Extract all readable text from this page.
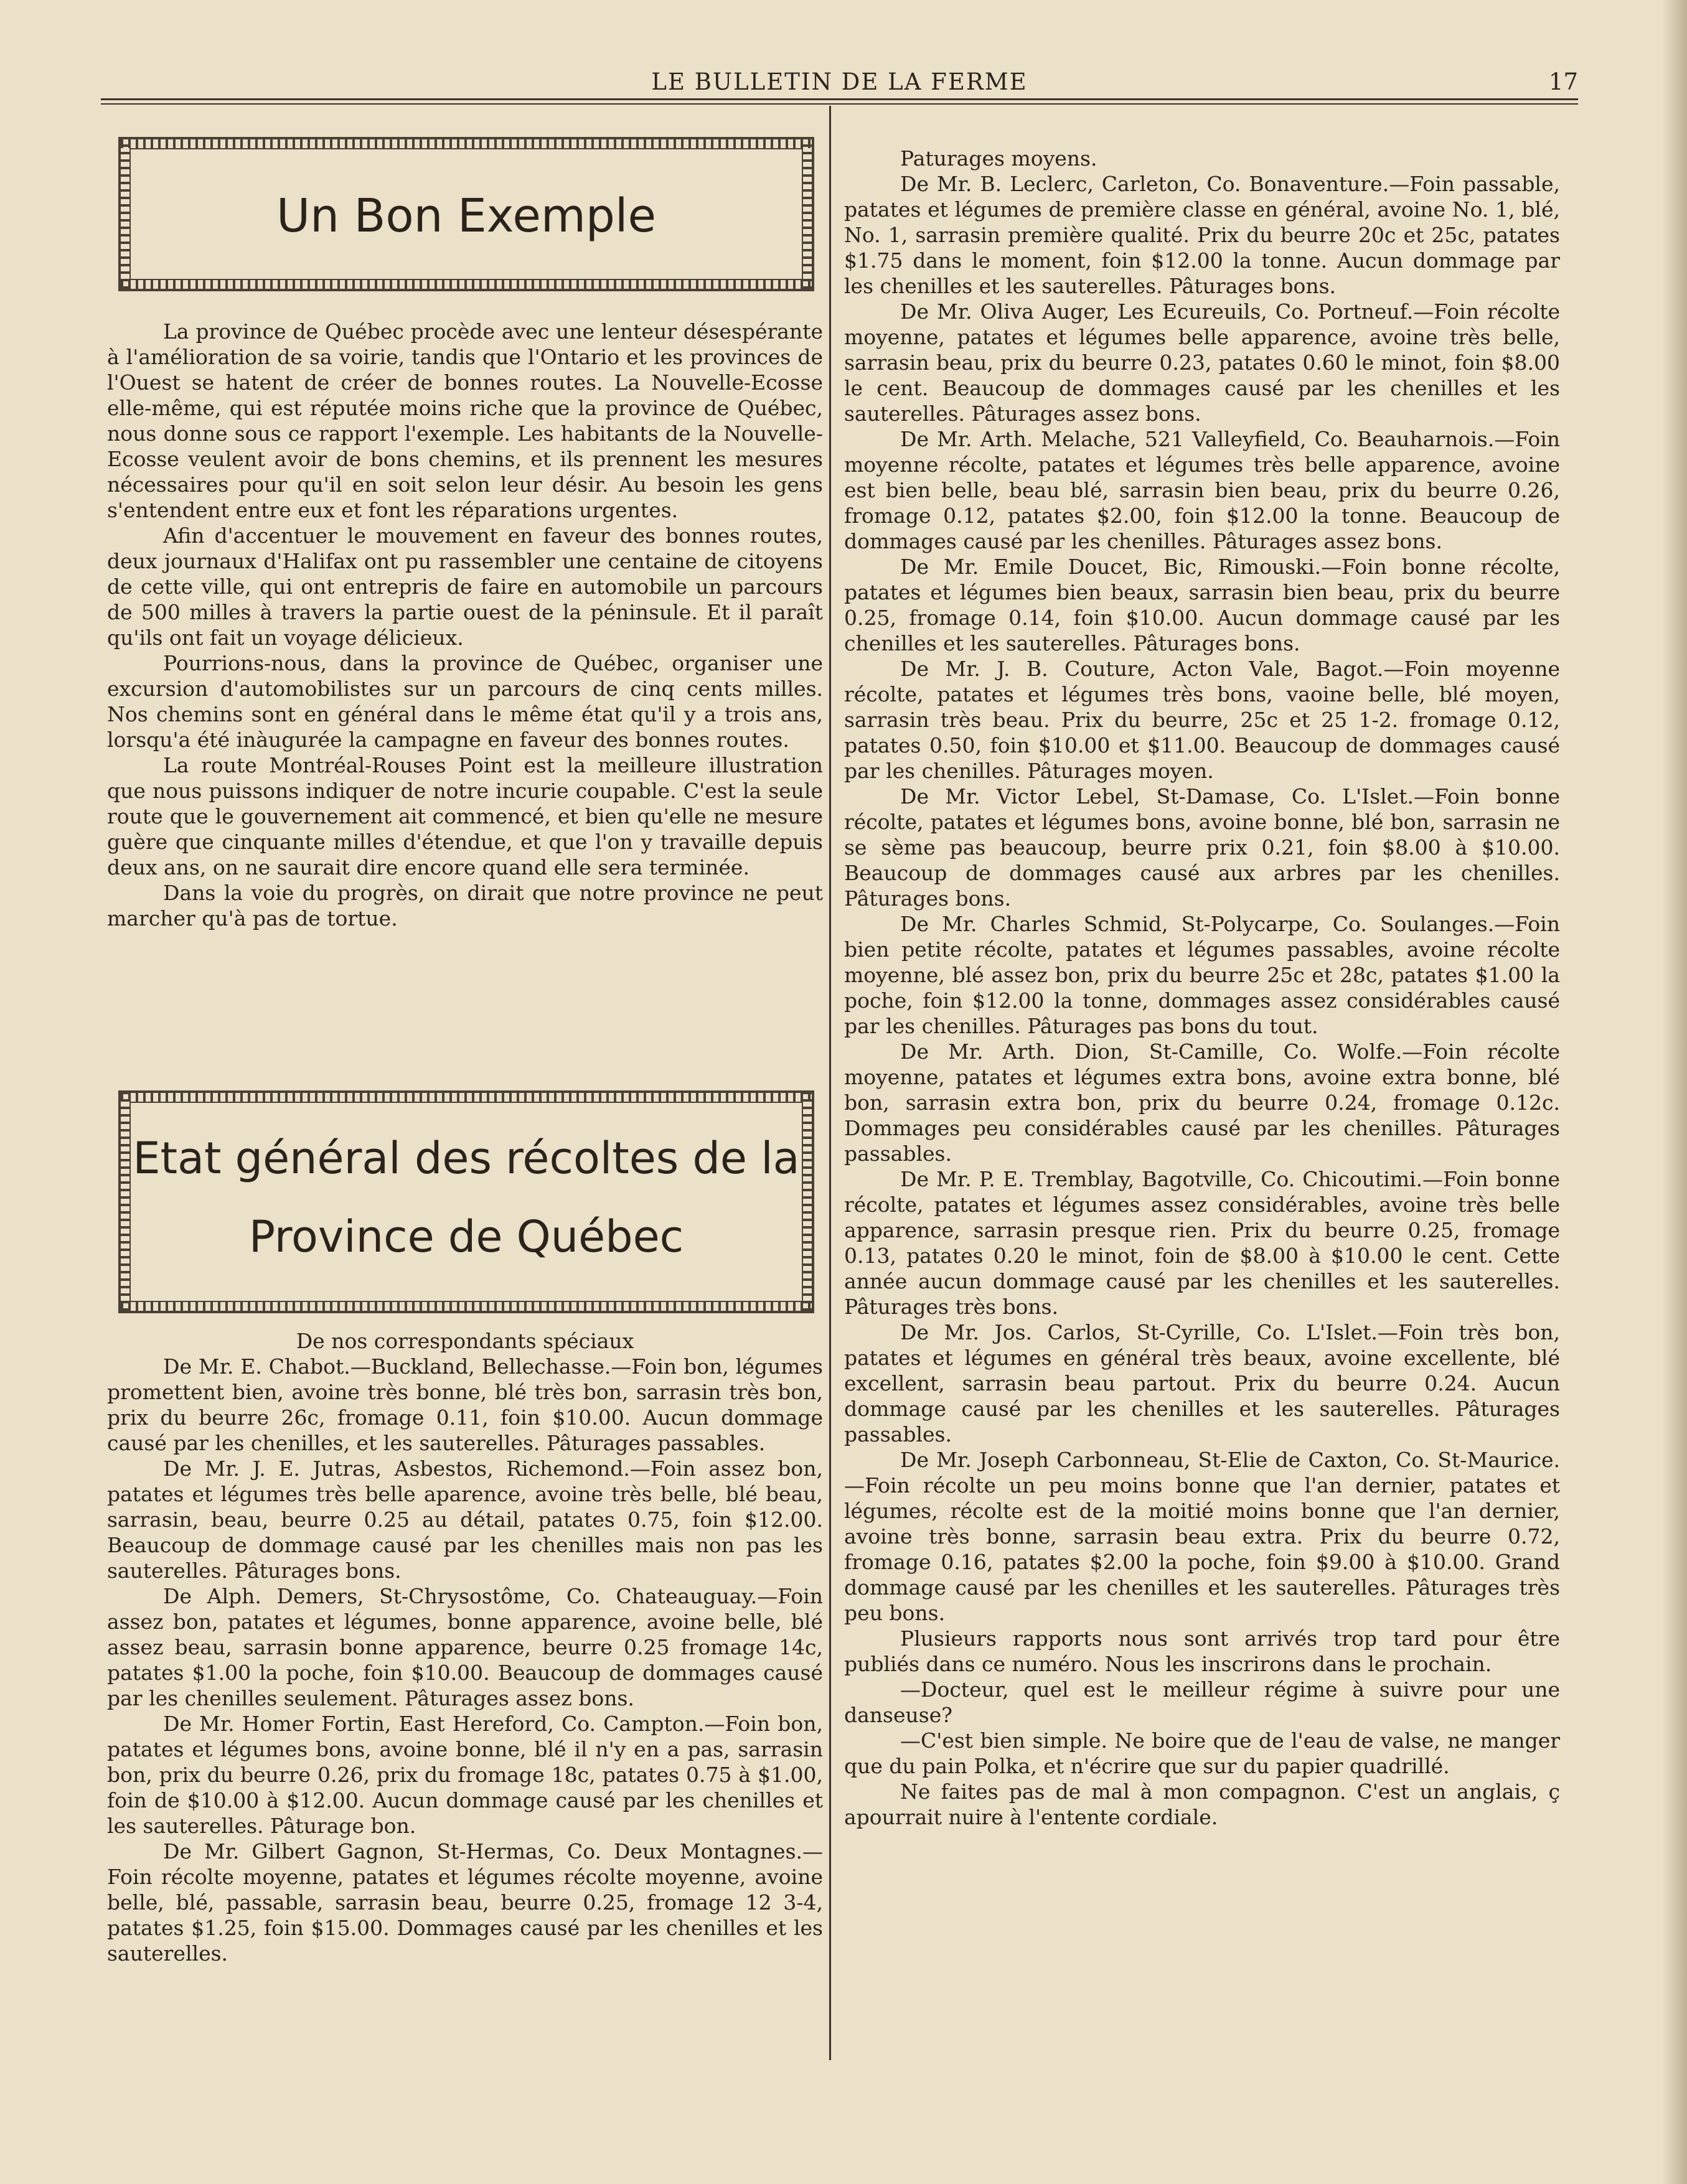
LE BULLETIN DE LA FERME	17
Un Bon Exemple

La province de Québec procède avec une lenteur désespérante à l'amélioration de sa voirie, tandis que l'Ontario et les provinces de l'Ouest se hatent de créer de bonnes routes. La Nouvelle-Ecosse elle-même, qui est réputée moins riche que la province de Québec, nous donne sous ce rapport l'exemple. Les habitants de la Nouvelle-Ecosse veulent avoir de bons chemins, et ils prennent les mesures nécessaires pour qu'il en soit selon leur désir. Au besoin les gens s'entendent entre eux et font les réparations urgentes.

Afin d'accentuer le mouvement en faveur des bonnes routes, deux journaux d'Halifax ont pu rassembler une centaine de citoyens de cette ville, qui ont entrepris de faire en automobile un parcours de 500 milles à travers la partie ouest de la péninsule. Et il paraît qu'ils ont fait un voyage délicieux.

Pourrions-nous, dans la province de Québec, organiser une excursion d'automobilistes sur un parcours de cinq cents milles. Nos chemins sont en général dans le même état qu'il y a trois ans, lorsqu'a été inàugurée la campagne en faveur des bonnes routes.

La route Montréal-Rouses Point est la meilleure illustration que nous puissons indiquer de notre incurie coupable. C'est la seule route que le gouvernement ait commencé, et bien qu'elle ne mesure guère que cinquante milles d'étendue, et que l'on y travaille depuis deux ans, on ne saurait dire encore quand elle sera terminée.

Dans la voie du progrès, on dirait que notre province ne peut marcher qu'à pas de tortue.

Etat général des récoltes de la
Province de Québec

De nos correspondants spéciaux

De Mr. E. Chabot.—Buckland, Bellechasse.—Foin bon, légumes promettent bien, avoine très bonne, blé très bon, sarrasin très bon, prix du beurre 26c, fromage 0.11, foin $10.00. Aucun dommage causé par les chenilles, et les sauterelles. Pâturages passables.

De Mr. J. E. Jutras, Asbestos, Richemond.—Foin assez bon, patates et légumes très belle aparence, avoine très belle, blé beau, sarrasin, beau, beurre 0.25 au détail, patates 0.75, foin $12.00. Beaucoup de dommage causé par les chenilles mais non pas les sauterelles. Pâturages bons.

De Alph. Demers, St-Chrysostôme, Co. Chateauguay.—Foin assez bon, patates et légumes, bonne apparence, avoine belle, blé assez beau, sarrasin bonne apparence, beurre 0.25 fromage 14c, patates $1.00 la poche, foin $10.00. Beaucoup de dommages causé par les chenilles seulement. Pâturages assez bons.

De Mr. Homer Fortin, East Hereford, Co. Campton.—Foin bon, patates et légumes bons, avoine bonne, blé il n'y en a pas, sarrasin bon, prix du beurre 0.26, prix du fromage 18c, patates 0.75 à $1.00, foin de $10.00 à $12.00. Aucun dommage causé par les chenilles et les sauterelles. Pâturage bon.

De Mr. Gilbert Gagnon, St-Hermas, Co. Deux Montagnes.—Foin récolte moyenne, patates et légumes récolte moyenne, avoine belle, blé, passable, sarrasin beau, beurre 0.25, fromage 12 3-4, patates $1.25, foin $15.00. Dommages causé par les chenilles et les sauterelles.

Paturages moyens.

De Mr. B. Leclerc, Carleton, Co. Bonaventure.—Foin passable, patates et légumes de première classe en général, avoine No. 1, blé, No. 1, sarrasin première qualité. Prix du beurre 20c et 25c, patates $1.75 dans le moment, foin $12.00 la tonne. Aucun dommage par les chenilles et les sauterelles. Pâturages bons.

De Mr. Oliva Auger, Les Ecureuils, Co. Portneuf.—Foin récolte moyenne, patates et légumes belle apparence, avoine très belle, sarrasin beau, prix du beurre 0.23, patates 0.60 le minot, foin $8.00 le cent. Beaucoup de dommages causé par les chenilles et les sauterelles. Pâturages assez bons.

De Mr. Arth. Melache, 521 Valleyfield, Co. Beauharnois.—Foin moyenne récolte, patates et légumes très belle apparence, avoine est bien belle, beau blé, sarrasin bien beau, prix du beurre 0.26, fromage 0.12, patates $2.00, foin $12.00 la tonne. Beaucoup de dommages causé par les chenilles. Pâturages assez bons.

De Mr. Emile Doucet, Bic, Rimouski.—Foin bonne récolte, patates et légumes bien beaux, sarrasin bien beau, prix du beurre 0.25, fromage 0.14, foin $10.00. Aucun dommage causé par les chenilles et les sauterelles. Pâturages bons.

De Mr. J. B. Couture, Acton Vale, Bagot.—Foin moyenne récolte, patates et légumes très bons, vaoine belle, blé moyen, sarrasin très beau. Prix du beurre, 25c et 25 1-2. fromage 0.12, patates 0.50, foin $10.00 et $11.00. Beaucoup de dommages causé par les chenilles. Pâturages moyen.

De Mr. Victor Lebel, St-Damase, Co. L'Islet.—Foin bonne récolte, patates et légumes bons, avoine bonne, blé bon, sarrasin ne se sème pas beaucoup, beurre prix 0.21, foin $8.00 à $10.00. Beaucoup de dommages causé aux arbres par les chenilles. Pâturages bons.

De Mr. Charles Schmid, St-Polycarpe, Co. Soulanges.—Foin bien petite récolte, patates et légumes passables, avoine récolte moyenne, blé assez bon, prix du beurre 25c et 28c, patates $1.00 la poche, foin $12.00 la tonne, dommages assez considérables causé par les chenilles. Pâturages pas bons du tout.

De Mr. Arth. Dion, St-Camille, Co. Wolfe.—Foin récolte moyenne, patates et légumes extra bons, avoine extra bonne, blé bon, sarrasin extra bon, prix du beurre 0.24, fromage 0.12c. Dommages peu considérables causé par les chenilles. Pâturages passables.

De Mr. P. E. Tremblay, Bagotville, Co. Chicoutimi.—Foin bonne récolte, patates et légumes assez considérables, avoine très belle apparence, sarrasin presque rien. Prix du beurre 0.25, fromage 0.13, patates 0.20 le minot, foin de $8.00 à $10.00 le cent. Cette année aucun dommage causé par les chenilles et les sauterelles. Pâturages très bons.

De Mr. Jos. Carlos, St-Cyrille, Co. L'Islet.—Foin très bon, patates et légumes en général très beaux, avoine excellente, blé excellent, sarrasin beau partout. Prix du beurre 0.24. Aucun dommage causé par les chenilles et les sauterelles. Pâturages passables.

De Mr. Joseph Carbonneau, St-Elie de Caxton, Co. St-Maurice.—Foin récolte un peu moins bonne que l'an dernier, patates et légumes, récolte est de la moitié moins bonne que l'an dernier, avoine très bonne, sarrasin beau extra. Prix du beurre 0.72, fromage 0.16, patates $2.00 la poche, foin $9.00 à $10.00. Grand dommage causé par les chenilles et les sauterelles. Pâturages très peu bons.

Plusieurs rapports nous sont arrivés trop tard pour être publiés dans ce numéro. Nous les inscrirons dans le prochain.

—Docteur, quel est le meilleur régime à suivre pour une danseuse?

—C'est bien simple. Ne boire que de l'eau de valse, ne manger que du pain Polka, et n'écrire que sur du papier quadrillé.

Ne faites pas de mal à mon compagnon. C'est un anglais, ç apourrait nuire à l'entente cordiale.
